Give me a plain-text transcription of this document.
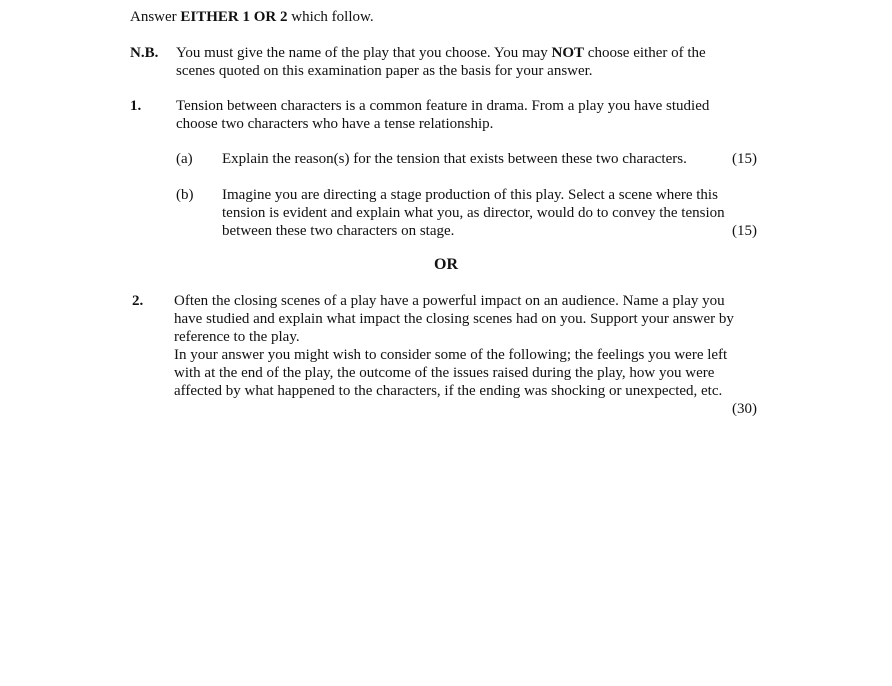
Answer EITHER 1 OR 2 which follow.
N.B. You must give the name of the play that you choose. You may NOT choose either of the
scenes quoted on this examination paper as the basis for your answer.
1. Tension between characters is a common feature in drama. From a play you have studied
choose two characters who have a tense relationship.
(a) Explain the reason(s) for the tension that exists between these two characters.	(15)
(b) Imagine you are directing a stage production of this play. Select a scene where this
tension is evident and explain what you, as director, would do to convey the tension
between these two characters on stage.	(15)
OR
2. Often the closing scenes of a play have a powerful impact on an audience. Name a play you
have studied and explain what impact the closing scenes had on you. Support your answer by
reference to the play.
In your answer you might wish to consider some of the following; the feelings you were left
with at the end of the play, the outcome of the issues raised during the play, how you were
affected by what happened to the characters, if the ending was shocking or unexpected, etc.
(30)
